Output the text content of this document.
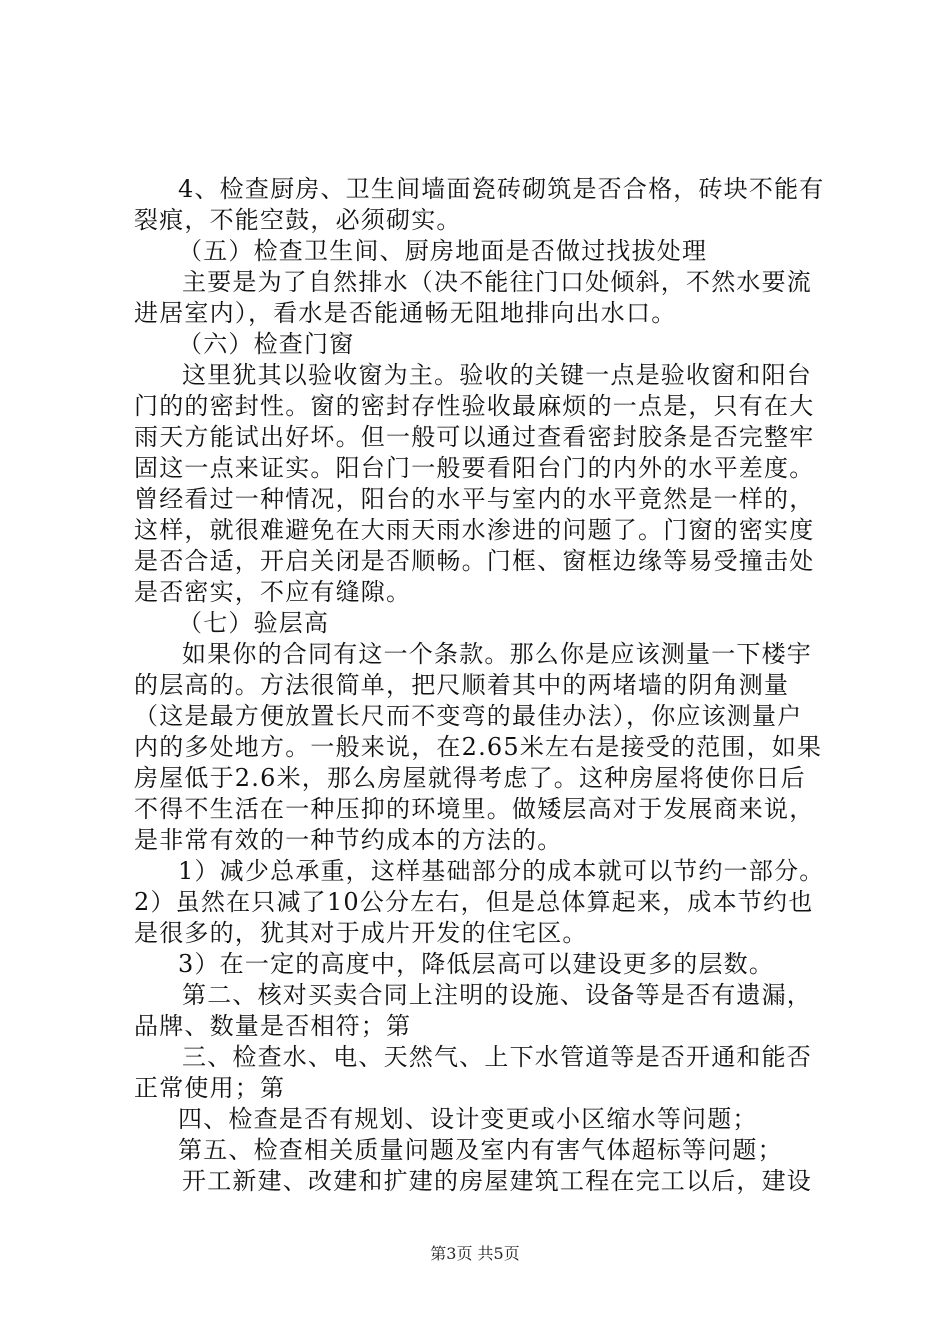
4、检查厨房、卫生间墙面瓷砖砌筑是否合格，砖块不能有
裂痕，不能空鼓，必须砌实。
（五）检查卫生间、厨房地面是否做过找拔处理
主要是为了自然排水（决不能往门口处倾斜，不然水要流
进居室内），看水是否能通畅无阻地排向出水口。
（六）检查门窗
这里犹其以验收窗为主。验收的关键一点是验收窗和阳台
门的的密封性。窗的密封存性验收最麻烦的一点是，只有在大
雨天方能试出好坏。但一般可以通过查看密封胶条是否完整牢
固这一点来证实。阳台门一般要看阳台门的内外的水平差度。
曾经看过一种情况，阳台的水平与室内的水平竟然是一样的，
这样，就很难避免在大雨天雨水渗进的问题了。门窗的密实度
是否合适，开启关闭是否顺畅。门框、窗框边缘等易受撞击处
是否密实，不应有缝隙。
（七）验层高
如果你的合同有这一个条款。那么你是应该测量一下楼宇
的层高的。方法很简单，把尺顺着其中的两堵墙的阴角测量
（这是最方便放置长尺而不变弯的最佳办法），你应该测量户
内的多处地方。一般来说，在2.65米左右是接受的范围，如果
房屋低于2.6米，那么房屋就得考虑了。这种房屋将使你日后
不得不生活在一种压抑的环境里。做矮层高对于发展商来说，
是非常有效的一种节约成本的方法的。
1）减少总承重，这样基础部分的成本就可以节约一部分。
2）虽然在只减了10公分左右，但是总体算起来，成本节约也
是很多的，犹其对于成片开发的住宅区。
3）在一定的高度中，降低层高可以建设更多的层数。
第二、核对买卖合同上注明的设施、设备等是否有遗漏，
品牌、数量是否相符；第
三、检查水、电、天然气、上下水管道等是否开通和能否
正常使用；第
四、检查是否有规划、设计变更或小区缩水等问题；
第五、检查相关质量问题及室内有害气体超标等问题；
开工新建、改建和扩建的房屋建筑工程在完工以后，建设
第3页 共5页
